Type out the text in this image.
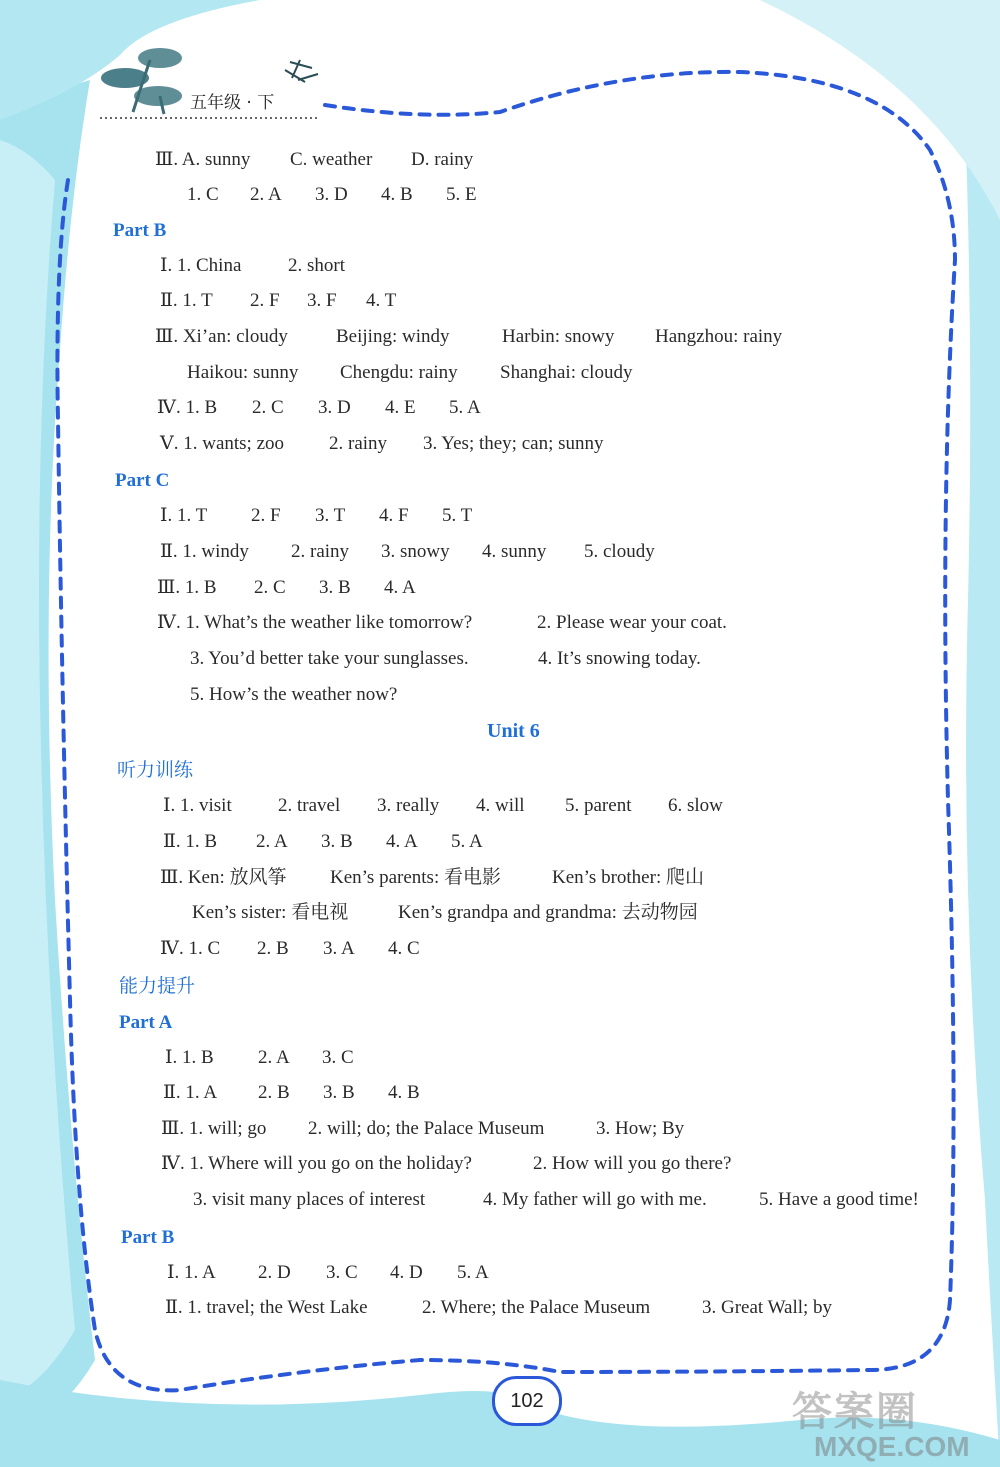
五年级 · 下
Ⅲ. A. sunny C. weather D. rainy
1. C 2. A 3. D 4. B 5. E
Part B
Ⅰ. 1. China 2. short
Ⅱ. 1. T 2. F 3. F 4. T
Ⅲ. Xi’an: cloudy	Beijing: windy	Harbin: snowy Hangzhou: rainy
Haikou: sunny Chengdu: rainy Shanghai: cloudy
Ⅳ. 1. B 2. C 3. D 4. E 5. A
Ⅴ. 1. wants; zoo 2. rainy 3. Yes; they; can; sunny
Part C
Ⅰ. 1. T 2. F 3. T 4. F 5. T
Ⅱ. 1. windy 2. rainy 3. snowy 4. sunny 5. cloudy
Ⅲ. 1. B 2. C 3. B 4. A
Ⅳ. 1. What’s the weather like tomorrow?	2. Please wear your coat.
3. You’d better take your sunglasses.	4. It’s snowing today.
5. How’s the weather now?
Unit 6
听力训练
Ⅰ. 1. visit 2. travel 3. really 4. will 5. parent 6. slow
Ⅱ. 1. B 2. A 3. B 4. A 5. A
Ⅲ. Ken: 放风筝 Ken’s parents: 看电影	Ken’s brother: 爬山
Ken’s sister: 看电视	Ken’s grandpa and grandma: 去动物园
Ⅳ. 1. C 2. B 3. A 4. C
能力提升
Part A
Ⅰ. 1. B 2. A 3. C
Ⅱ. 1. A 2. B 3. B 4. B
Ⅲ. 1. will; go 2. will; do; the Palace Museum	3. How; By
Ⅳ. 1. Where will you go on the holiday?	2. How will you go there?
3. visit many places of interest	4. My father will go with me.	5. Have a good time!
Part B
Ⅰ. 1. A 2. D 3. C 4. D 5. A
Ⅱ. 1. travel; the West Lake	2. Where; the Palace Museum	3. Great Wall; by
102	答案圈
MXQE.COM
